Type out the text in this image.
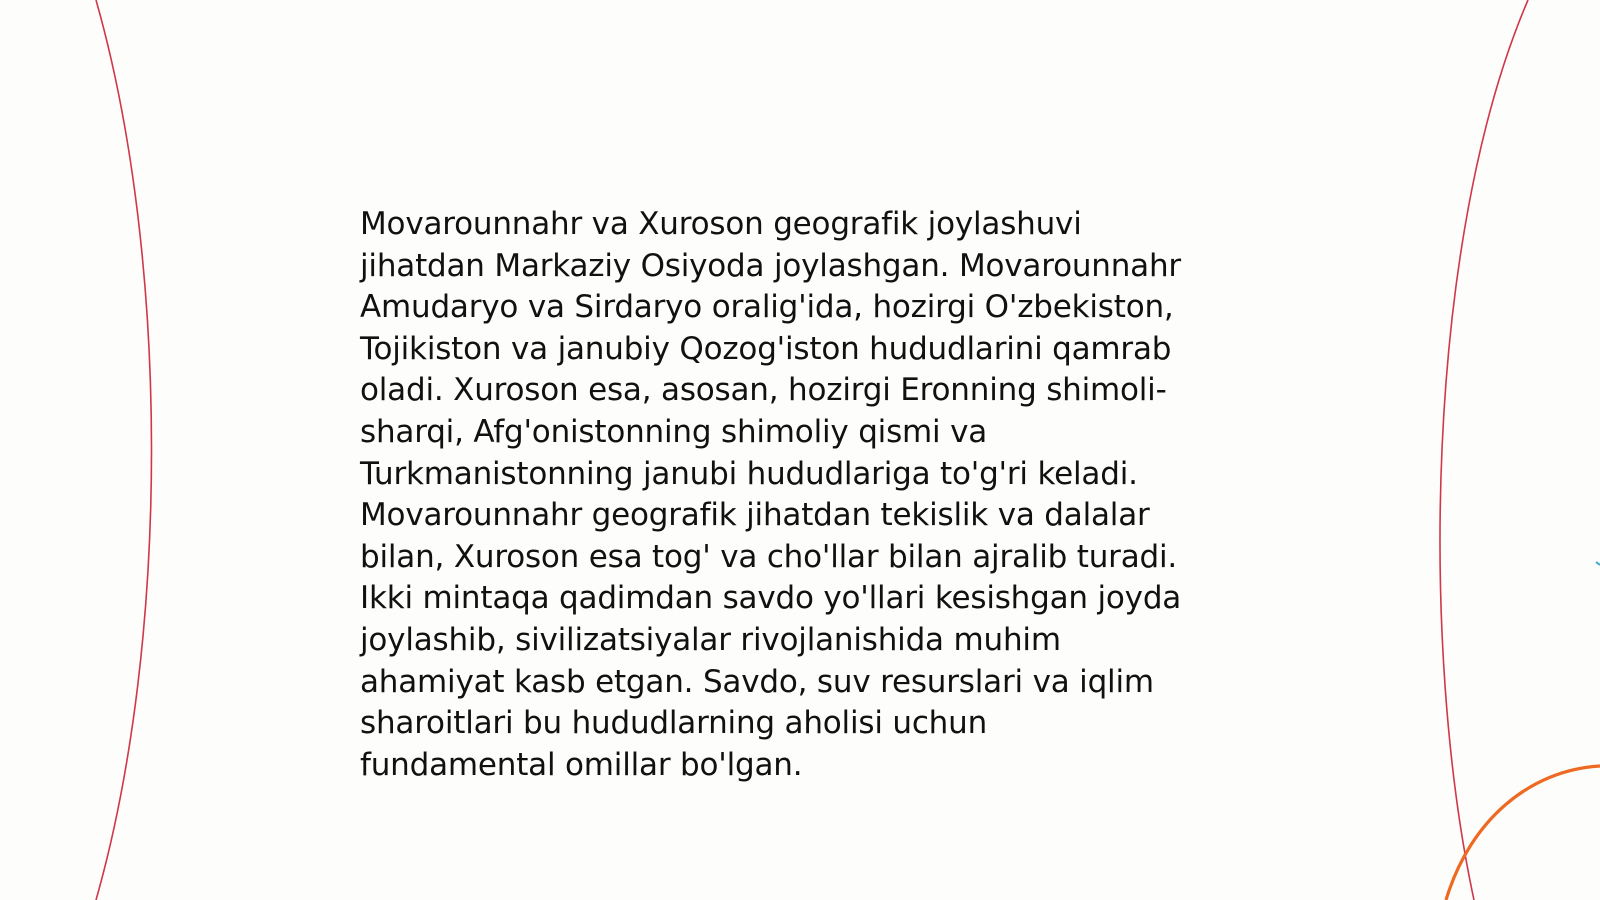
Movarounnahr va Xuroson geografik joylashuvi
jihatdan Markaziy Osiyoda joylashgan. Movarounnahr
Amudaryo va Sirdaryo oralig'ida, hozirgi O'zbekiston,
Tojikiston va janubiy Qozog'iston hududlarini qamrab
oladi. Xuroson esa, asosan, hozirgi Eronning shimoli-
sharqi, Afg'onistonning shimoliy qismi va
Turkmanistonning janubi hududlariga to'g'ri keladi.
Movarounnahr geografik jihatdan tekislik va dalalar
bilan, Xuroson esa tog' va cho'llar bilan ajralib turadi.
Ikki mintaqa qadimdan savdo yo'llari kesishgan joyda
joylashib, sivilizatsiyalar rivojlanishida muhim
ahamiyat kasb etgan. Savdo, suv resurslari va iqlim
sharoitlari bu hududlarning aholisi uchun
fundamental omillar bo'lgan.
